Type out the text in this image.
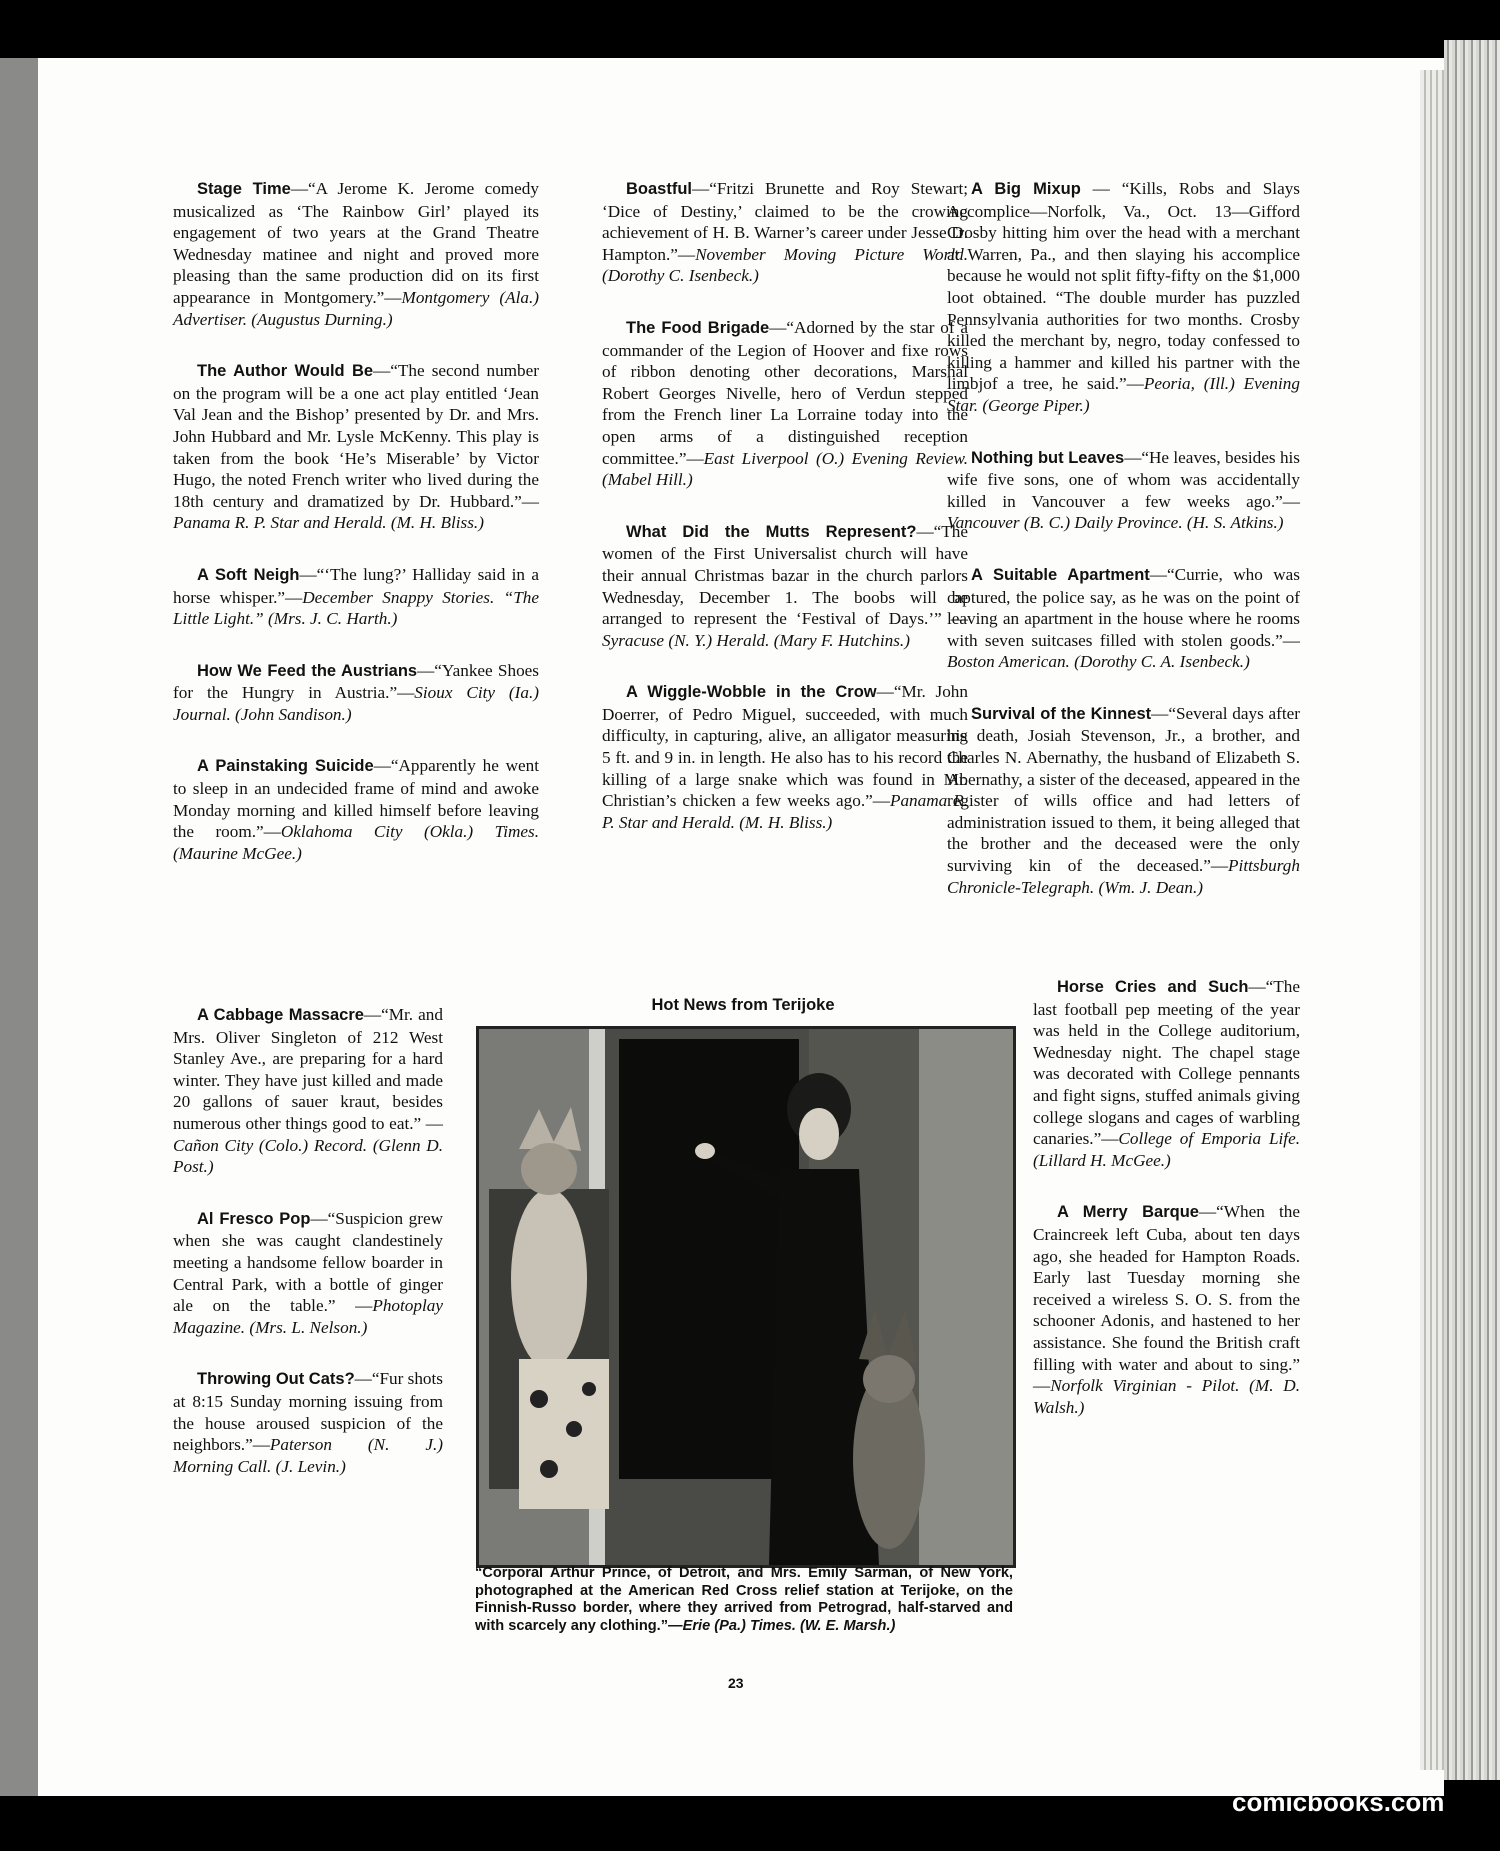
Stage Time—“A Jerome K. Jerome comedy musicalized as ‘The Rainbow Girl’ played its engagement of two years at the Grand Theatre Wednesday matinee and night and proved more pleasing than the same production did on its first appearance in Montgomery.”—Montgomery (Ala.) Advertiser. (Augustus Durning.)

The Author Would Be—“The second number on the program will be a one act play entitled ‘Jean Val Jean and the Bishop’ presented by Dr. and Mrs. John Hubbard and Mr. Lysle McKenny. This play is taken from the book ‘He’s Miserable’ by Victor Hugo, the noted French writer who lived during the 18th century and dramatized by Dr. Hubbard.”—Panama R. P. Star and Herald. (M. H. Bliss.)

A Soft Neigh—“‘The lung?’ Halliday said in a horse whisper.”—December Snappy Stories. “The Little Light.” (Mrs. J. C. Harth.)

How We Feed the Austrians—“Yankee Shoes for the Hungry in Austria.”—Sioux City (Ia.) Journal. (John Sandison.)

A Painstaking Suicide—“Apparently he went to sleep in an undecided frame of mind and awoke Monday morning and killed himself before leaving the room.”—Oklahoma City (Okla.) Times. (Maurine McGee.)

A Cabbage Massacre—“Mr. and Mrs. Oliver Singleton of 212 West Stanley Ave., are preparing for a hard winter. They have just killed and made 20 gallons of sauer kraut, besides numerous other things good to eat.” —Cañon City (Colo.) Record. (Glenn D. Post.)

Al Fresco Pop—“Suspicion grew when she was caught clandestinely meeting a handsome fellow boarder in Central Park, with a bottle of ginger ale on the table.” —Photoplay Magazine. (Mrs. L. Nelson.)

Throwing Out Cats?—“Fur shots at 8:15 Sunday morning issuing from the house aroused suspicion of the neighbors.”—Paterson (N. J.) Morning Call. (J. Levin.)

Boastful—“Fritzi Brunette and Roy Stewart; ‘Dice of Destiny,’ claimed to be the crowing achievement of H. B. Warner’s career under Jesse D. Hampton.”—November Moving Picture World. (Dorothy C. Isenbeck.)

The Food Brigade—“Adorned by the star of a commander of the Legion of Hoover and fixe rows of ribbon denoting other decorations, Marshal Robert Georges Nivelle, hero of Verdun stepped from the French liner La Lorraine today into the open arms of a distinguished reception committee.”—East Liverpool (O.) Evening Review. (Mabel Hill.)

What Did the Mutts Represent?—“The women of the First Universalist church will have their annual Christmas bazar in the church parlors Wednesday, December 1. The boobs will be arranged to represent the ‘Festival of Days.’” —Syracuse (N. Y.) Herald. (Mary F. Hutchins.)

A Wiggle-Wobble in the Crow—“Mr. John Doerrer, of Pedro Miguel, succeeded, with much difficulty, in capturing, alive, an alligator measuring 5 ft. and 9 in. in length. He also has to his record the killing of a large snake which was found in Mr. Christian’s chicken a few weeks ago.”—Panama R. P. Star and Herald. (M. H. Bliss.)

A Big Mixup — “Kills, Robs and Slays Accomplice—Norfolk, Va., Oct. 13—Gifford Crosby hitting him over the head with a merchant at Warren, Pa., and then slaying his accomplice because he would not split fifty-fifty on the $1,000 loot obtained. “The double murder has puzzled Pennsylvania authorities for two months. Crosby killed the merchant by, negro, today confessed to killing a hammer and killed his partner with the limbjof a tree, he said.”—Peoria, (Ill.) Evening Star. (George Piper.)

Nothing but Leaves—“He leaves, besides his wife five sons, one of whom was accidentally killed in Vancouver a few weeks ago.”—Vancouver (B. C.) Daily Province. (H. S. Atkins.)

A Suitable Apartment—“Currie, who was captured, the police say, as he was on the point of leaving an apartment in the house where he rooms with seven suitcases filled with stolen goods.”—Boston American. (Dorothy C. A. Isenbeck.)

Survival of the Kinnest—“Several days after his death, Josiah Stevenson, Jr., a brother, and Charles N. Abernathy, the husband of Elizabeth S. Abernathy, a sister of the deceased, appeared in the register of wills office and had letters of administration issued to them, it being alleged that the brother and the deceased were the only surviving kin of the deceased.”—Pittsburgh Chronicle-Telegraph. (Wm. J. Dean.)

Horse Cries and Such—“The last football pep meeting of the year was held in the College auditorium, Wednesday night. The chapel stage was decorated with College pennants and fight signs, stuffed animals giving college slogans and cages of warbling canaries.”—College of Emporia Life. (Lillard H. McGee.)

A Merry Barque—“When the Craincreek left Cuba, about ten days ago, she headed for Hampton Roads. Early last Tuesday morning she received a wireless S. O. S. from the schooner Adonis, and hastened to her assistance. She found the British craft filling with water and about to sing.” —Norfolk Virginian - Pilot. (M. D. Walsh.)

Hot News from Terijoke
“Corporal Arthur Prince, of Detroit, and Mrs. Emily Sarman, of New York, photographed at the American Red Cross relief station at Terijoke, on the Finnish-Russo border, where they arrived from Petrograd, half-starved and with scarcely any clothing.”—Erie (Pa.) Times. (W. E. Marsh.)
23
comicbooks.com
